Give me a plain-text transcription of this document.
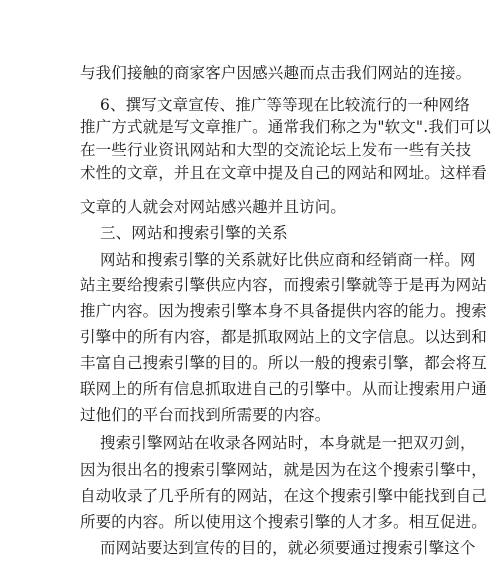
与我们接触的商家客户因感兴趣而点击我们网站的连接。
6、撰写文章宣传、推广等等现在比较流行的一种网络
推广方式就是写文章推广。通常我们称之为"软文".我们可以
在一些行业资讯网站和大型的交流论坛上发布一些有关技
术性的文章，并且在文章中提及自己的网站和网址。这样看
文章的人就会对网站感兴趣并且访问。
三、网站和搜索引擎的关系
网站和搜索引擎的关系就好比供应商和经销商一样。网
站主要给搜索引擎供应内容，而搜索引擎就等于是再为网站
推广内容。因为搜索引擎本身不具备提供内容的能力。搜索
引擎中的所有内容，都是抓取网站上的文字信息。以达到和
丰富自己搜索引擎的目的。所以一般的搜索引擎，都会将互
联网上的所有信息抓取进自己的引擎中。从而让搜索用户通
过他们的平台而找到所需要的内容。
搜索引擎网站在收录各网站时，本身就是一把双刃剑，
因为很出名的搜索引擎网站，就是因为在这个搜索引擎中，
自动收录了几乎所有的网站，在这个搜索引擎中能找到自己
所要的内容。所以使用这个搜索引擎的人才多。相互促进。
而网站要达到宣传的目的，就必须要通过搜索引擎这个
